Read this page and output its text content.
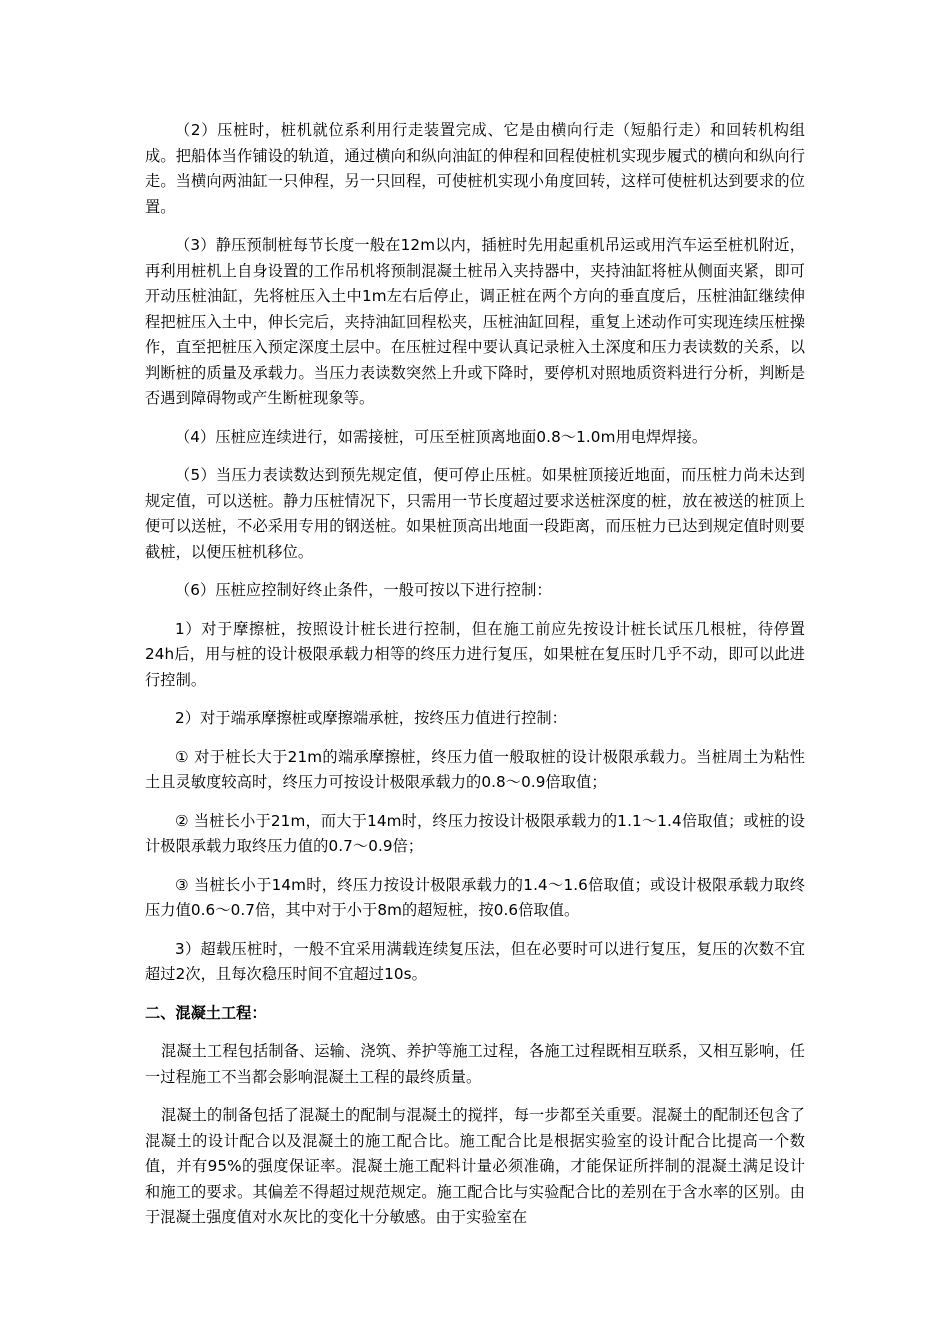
（2）压桩时，桩机就位系利用行走装置完成、它是由横向行走（短船行走）和回转机构组成。把船体当作铺设的轨道，通过横向和纵向油缸的伸程和回程使桩机实现步履式的横向和纵向行走。当横向两油缸一只伸程，另一只回程，可使桩机实现小角度回转，这样可使桩机达到要求的位置。

（3）静压预制桩每节长度一般在12m以内，插桩时先用起重机吊运或用汽车运至桩机附近，再利用桩机上自身设置的工作吊机将预制混凝土桩吊入夹持器中，夹持油缸将桩从侧面夹紧，即可开动压桩油缸，先将桩压入土中1m左右后停止，调正桩在两个方向的垂直度后，压桩油缸继续伸程把桩压入土中，伸长完后，夹持油缸回程松夹，压桩油缸回程，重复上述动作可实现连续压桩操作，直至把桩压入预定深度土层中。在压桩过程中要认真记录桩入土深度和压力表读数的关系，以判断桩的质量及承载力。当压力表读数突然上升或下降时，要停机对照地质资料进行分析，判断是否遇到障碍物或产生断桩现象等。

（4）压桩应连续进行，如需接桩，可压至桩顶离地面0.8～1.0m用电焊焊接。

（5）当压力表读数达到预先规定值，便可停止压桩。如果桩顶接近地面，而压桩力尚未达到规定值，可以送桩。静力压桩情况下，只需用一节长度超过要求送桩深度的桩，放在被送的桩顶上便可以送桩，不必采用专用的钢送桩。如果桩顶高出地面一段距离，而压桩力已达到规定值时则要截桩，以便压桩机移位。

（6）压桩应控制好终止条件，一般可按以下进行控制：

1）对于摩擦桩，按照设计桩长进行控制，但在施工前应先按设计桩长试压几根桩，待停置24h后，用与桩的设计极限承载力相等的终压力进行复压，如果桩在复压时几乎不动，即可以此进行控制。

2）对于端承摩擦桩或摩擦端承桩，按终压力值进行控制：

① 对于桩长大于21m的端承摩擦桩，终压力值一般取桩的设计极限承载力。当桩周土为粘性土且灵敏度较高时，终压力可按设计极限承载力的0.8～0.9倍取值；

② 当桩长小于21m，而大于14m时，终压力按设计极限承载力的1.1～1.4倍取值；或桩的设计极限承载力取终压力值的0.7～0.9倍；

③ 当桩长小于14m时，终压力按设计极限承载力的1.4～1.6倍取值；或设计极限承载力取终压力值0.6～0.7倍，其中对于小于8m的超短桩，按0.6倍取值。

3）超载压桩时，一般不宜采用满载连续复压法，但在必要时可以进行复压，复压的次数不宜超过2次，且每次稳压时间不宜超过10s。

二、混凝土工程：

混凝土工程包括制备、运输、浇筑、养护等施工过程，各施工过程既相互联系，又相互影响，任一过程施工不当都会影响混凝土工程的最终质量。

混凝土的制备包括了混凝土的配制与混凝土的搅拌，每一步都至关重要。混凝土的配制还包含了混凝土的设计配合以及混凝土的施工配合比。施工配合比是根据实验室的设计配合比提高一个数值，并有95%的强度保证率。混凝土施工配料计量必须准确，才能保证所拌制的混凝土满足设计和施工的要求。其偏差不得超过规范规定。施工配合比与实验配合比的差别在于含水率的区别。由于混凝土强度值对水灰比的变化十分敏感。由于实验室在
